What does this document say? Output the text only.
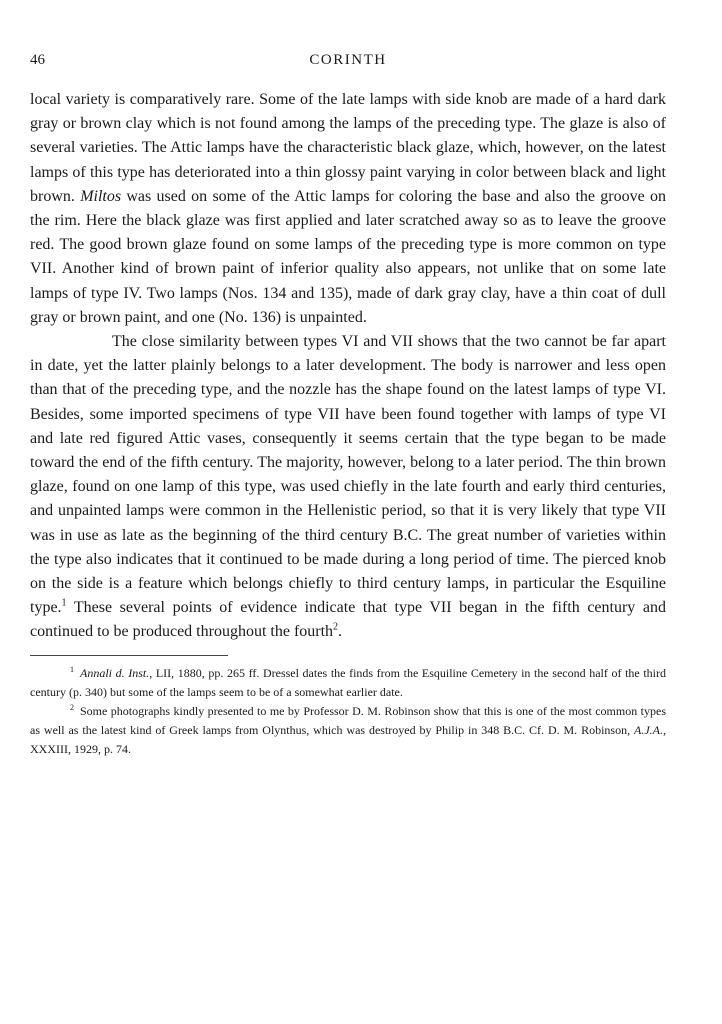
46	CORINTH

local variety is comparatively rare. Some of the late lamps with side knob are made of a hard dark gray or brown clay which is not found among the lamps of the preceding type. The glaze is also of several varieties. The Attic lamps have the characteristic black glaze, which, however, on the latest lamps of this type has deteriorated into a thin glossy paint varying in color between black and light brown. Miltos was used on some of the Attic lamps for coloring the base and also the groove on the rim. Here the black glaze was first applied and later scratched away so as to leave the groove red. The good brown glaze found on some lamps of the preceding type is more common on type VII. Another kind of brown paint of inferior quality also appears, not unlike that on some late lamps of type IV. Two lamps (Nos. 134 and 135), made of dark gray clay, have a thin coat of dull gray or brown paint, and one (No. 136) is unpainted.

The close similarity between types VI and VII shows that the two cannot be far apart in date, yet the latter plainly belongs to a later development. The body is narrower and less open than that of the preceding type, and the nozzle has the shape found on the latest lamps of type VI. Besides, some imported specimens of type VII have been found together with lamps of type VI and late red figured Attic vases, consequently it seems certain that the type began to be made toward the end of the fifth century. The majority, however, belong to a later period. The thin brown glaze, found on one lamp of this type, was used chiefly in the late fourth and early third centuries, and unpainted lamps were common in the Hellenistic period, so that it is very likely that type VII was in use as late as the beginning of the third century B.C. The great number of varieties within the type also indicates that it continued to be made during a long period of time. The pierced knob on the side is a feature which belongs chiefly to third century lamps, in particular the Esquiline type.$^1$ These several points of evidence indicate that type VII began in the fifth century and continued to be produced throughout the fourth$^2$.

$^1$ Annali d. Inst., LII, 1880, pp. 265 ff. Dressel dates the finds from the Esquiline Cemetery in the second half of the third century (p. 340) but some of the lamps seem to be of a somewhat earlier date.

$^2$ Some photographs kindly presented to me by Professor D. M. Robinson show that this is one of the most common types as well as the latest kind of Greek lamps from Olynthus, which was destroyed by Philip in 348 B.C. Cf. D. M. Robinson, A.J.A., XXXIII, 1929, p. 74.
